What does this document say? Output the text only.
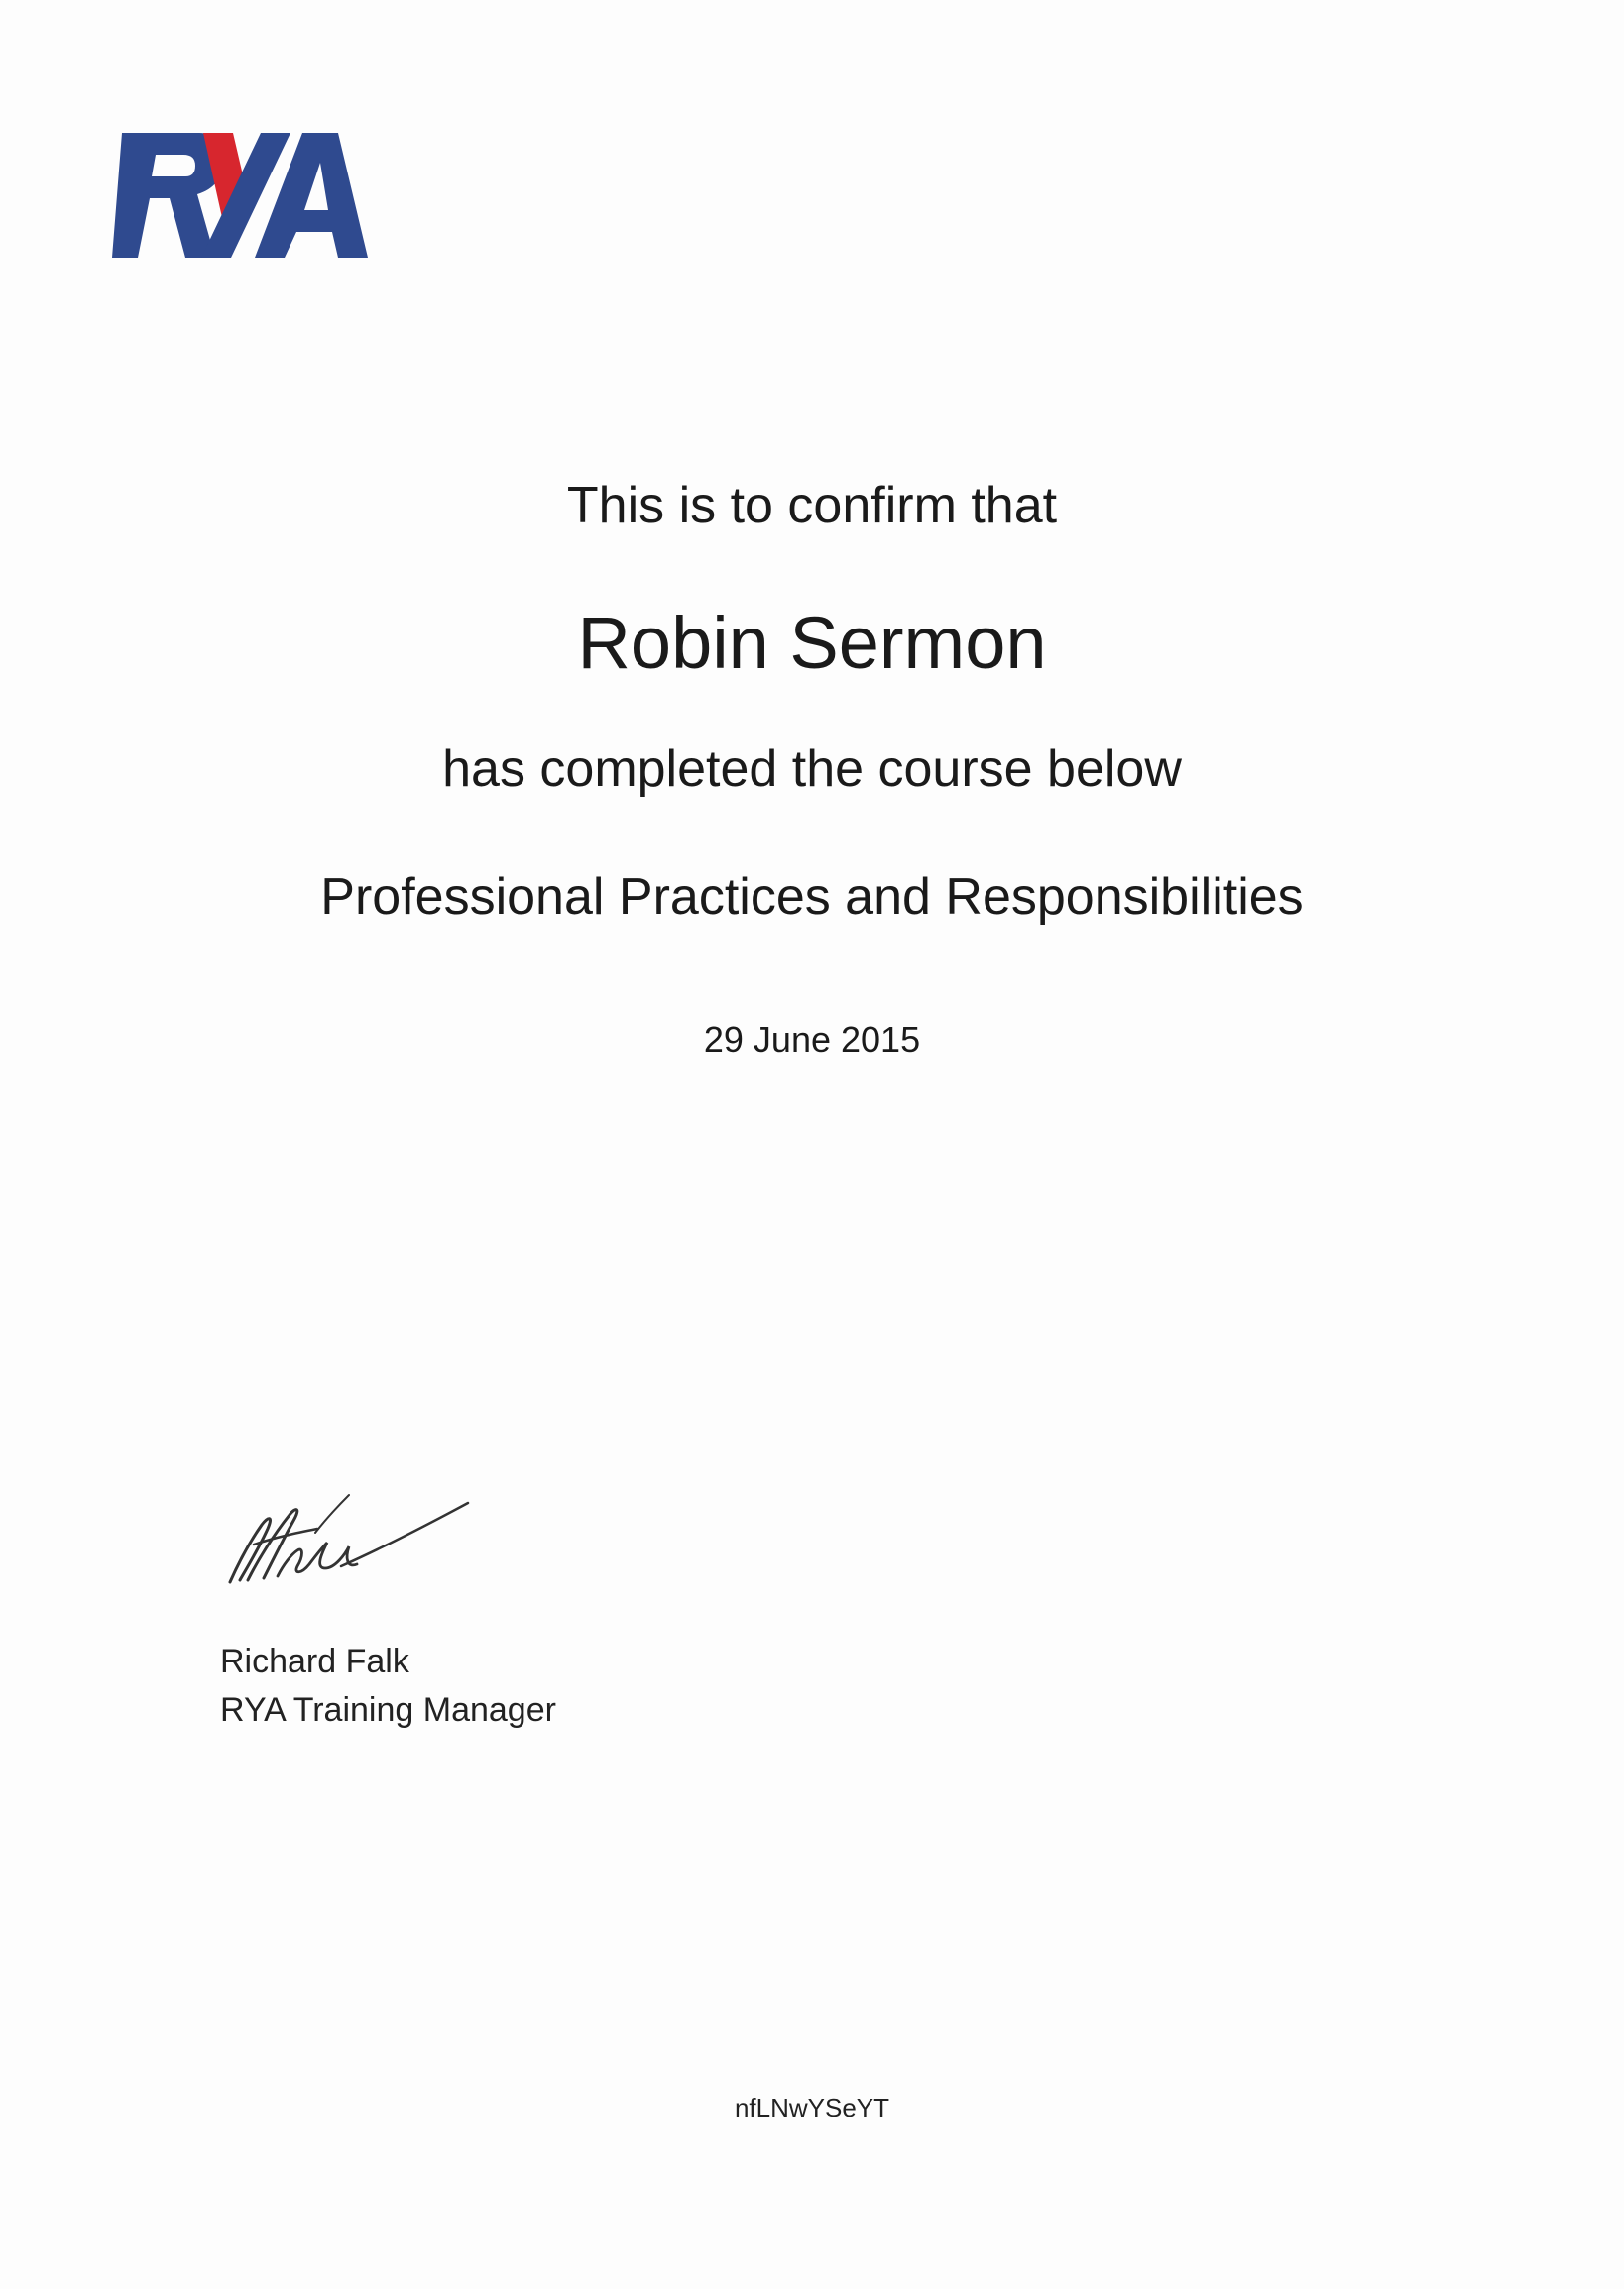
This is to confirm that
Robin Sermon
has completed the course below
Professional Practices and Responsibilities
29 June 2015
Richard Falk
RYA Training Manager
nfLNwYSeYT
